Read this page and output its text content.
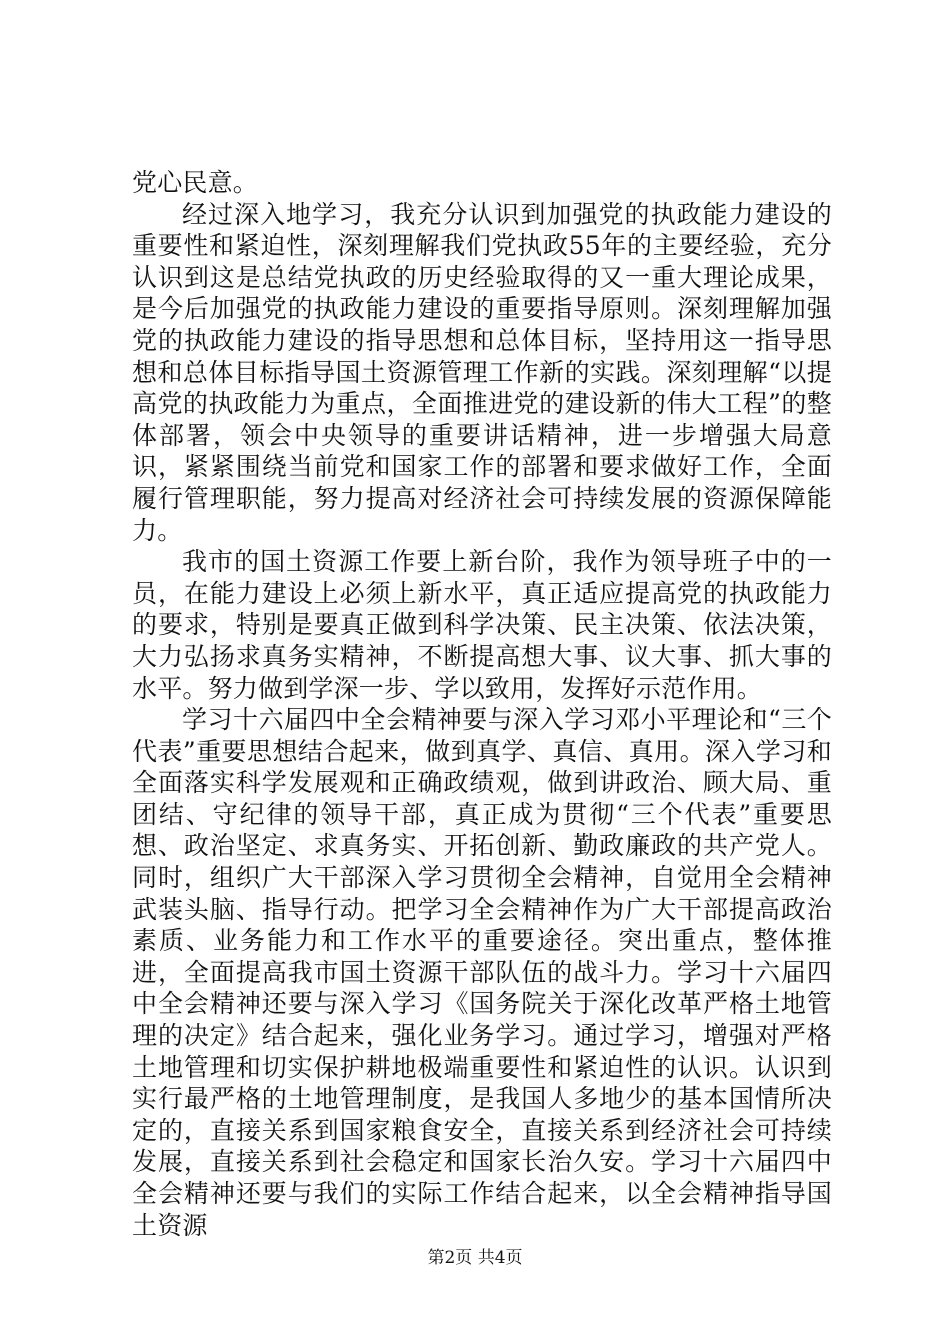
党心民意。

经过深入地学习，我充分认识到加强党的执政能力建设的重要性和紧迫性，深刻理解我们党执政55年的主要经验，充分认识到这是总结党执政的历史经验取得的又一重大理论成果，是今后加强党的执政能力建设的重要指导原则。深刻理解加强党的执政能力建设的指导思想和总体目标，坚持用这一指导思想和总体目标指导国土资源管理工作新的实践。深刻理解“以提高党的执政能力为重点，全面推进党的建设新的伟大工程”的整体部署，领会中央领导的重要讲话精神，进一步增强大局意识，紧紧围绕当前党和国家工作的部署和要求做好工作，全面履行管理职能，努力提高对经济社会可持续发展的资源保障能力。

我市的国土资源工作要上新台阶，我作为领导班子中的一员，在能力建设上必须上新水平，真正适应提高党的执政能力的要求，特别是要真正做到科学决策、民主决策、依法决策，大力弘扬求真务实精神，不断提高想大事、议大事、抓大事的水平。努力做到学深一步、学以致用，发挥好示范作用。

学习十六届四中全会精神要与深入学习邓小平理论和“三个代表”重要思想结合起来，做到真学、真信、真用。深入学习和全面落实科学发展观和正确政绩观，做到讲政治、顾大局、重团结、守纪律的领导干部，真正成为贯彻“三个代表”重要思想、政治坚定、求真务实、开拓创新、勤政廉政的共产党人。同时，组织广大干部深入学习贯彻全会精神，自觉用全会精神武装头脑、指导行动。把学习全会精神作为广大干部提高政治素质、业务能力和工作水平的重要途径。突出重点，整体推进，全面提高我市国土资源干部队伍的战斗力。学习十六届四中全会精神还要与深入学习《国务院关于深化改革严格土地管理的决定》结合起来，强化业务学习。通过学习，增强对严格土地管理和切实保护耕地极端重要性和紧迫性的认识。认识到实行最严格的土地管理制度，是我国人多地少的基本国情所决定的，直接关系到国家粮食安全，直接关系到经济社会可持续发展，直接关系到社会稳定和国家长治久安。学习十六届四中全会精神还要与我们的实际工作结合起来，以全会精神指导国土资源

第2页 共4页
